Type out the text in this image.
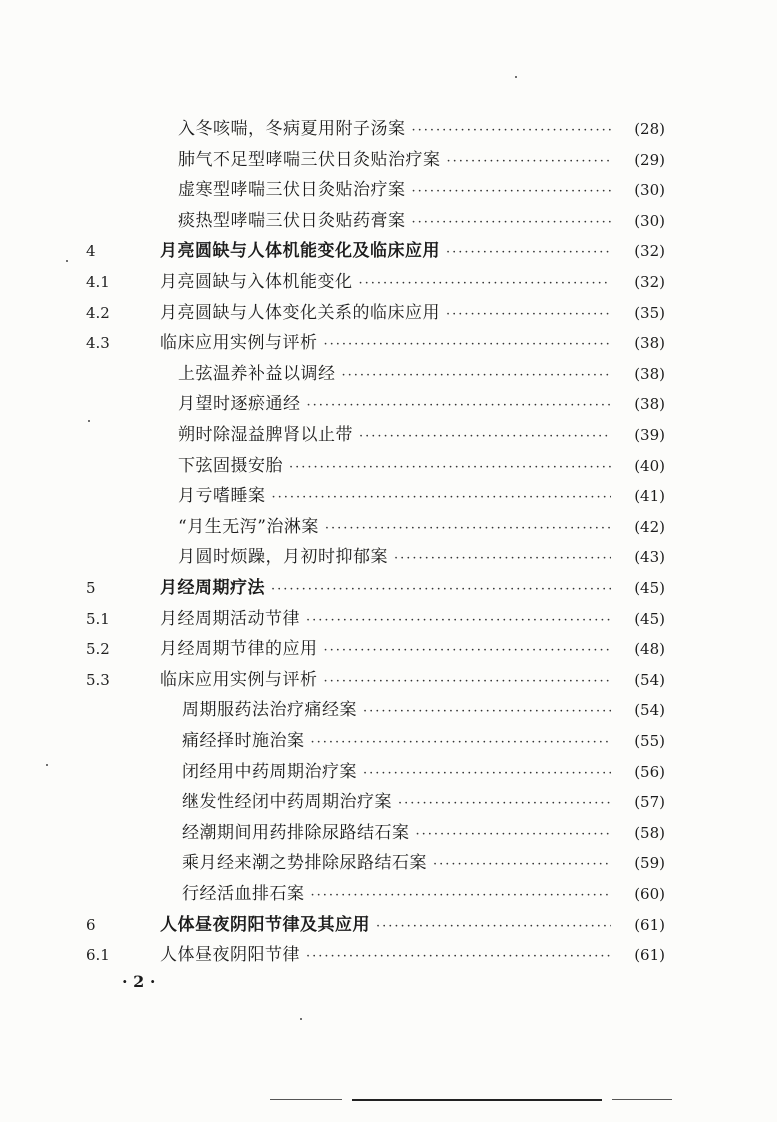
入冬咳喘，冬病夏用附子汤案 ·····	(28)
肺气不足型哮喘三伏日灸贴治疗案 ·····	(29)
虚寒型哮喘三伏日灸贴治疗案 ·····	(30)
痰热型哮喘三伏日灸贴药膏案 ·····	(30)
4	月亮圆缺与人体机能变化及临床应用 ·····	(32)
4.1	月亮圆缺与入体机能变化 ·····	(32)
4.2	月亮圆缺与人体变化关系的临床应用 ·····	(35)
4.3	临床应用实例与评析 ·····	(38)
上弦温养补益以调经 ·····	(38)
月望时逐瘀通经 ·····	(38)
朔时除湿益脾肾以止带 ·····	(39)
下弦固摄安胎 ·····	(40)
月亏嗜睡案 ·····	(41)
“月生无泻”治淋案 ·····	(42)
月圆时烦躁，月初时抑郁案 ·····	(43)
5	月经周期疗法 ·····	(45)
5.1	月经周期活动节律 ·····	(45)
5.2	月经周期节律的应用 ·····	(48)
5.3	临床应用实例与评析 ·····	(54)
周期服药法治疗痛经案 ·····	(54)
痛经择时施治案 ·····	(55)
闭经用中药周期治疗案 ·····	(56)
继发性经闭中药周期治疗案 ·····	(57)
经潮期间用药排除尿路结石案 ·····	(58)
乘月经来潮之势排除尿路结石案 ·····	(59)
行经活血排石案 ·····	(60)
6	人体昼夜阴阳节律及其应用 ·····	(61)
6.1	人体昼夜阴阳节律 ·····	(61)
· 2 ·
